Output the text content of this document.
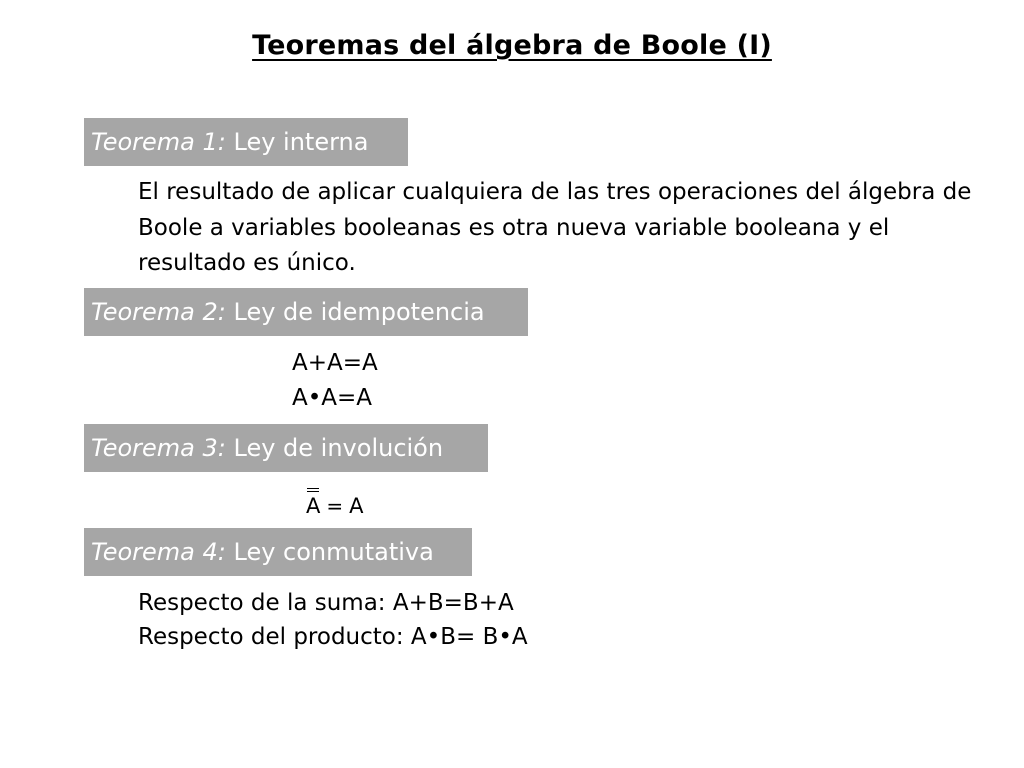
Teoremas del álgebra de Boole (I)
Teorema 1: Ley interna

El resultado de aplicar cualquiera de las tres operaciones del álgebra de Boole a variables booleanas es otra nueva variable booleana y el resultado es único.

Teorema 2: Ley de idempotencia
A+A=A
A•A=A
Teorema 3: Ley de involución
A = A
Teorema 4: Ley conmutativa
Respecto de la suma: A+B=B+A
Respecto del producto: A•B= B•A
